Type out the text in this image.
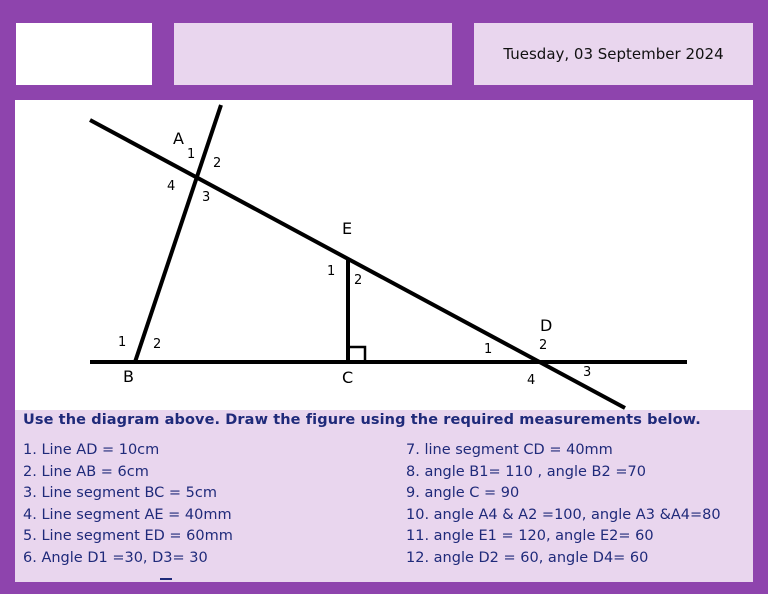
Tuesday, 03 September 2024
A
B	C
D
E
1
2
4
3
1 2
1
2
1	2
3
4
Use the diagram above. Draw the figure using the required measurements below.
1. Line AD = 10cm
2. Line AB = 6cm
3. Line segment BC = 5cm
4. Line segment AE = 40mm
5. Line segment ED = 60mm
6. Angle D1 =30, D3= 30
7. line segment CD = 40mm
8. angle B1= 110 , angle B2 =70
9. angle C = 90
10. angle A4 & A2 =100, angle A3 &A4=80
11. angle E1 = 120, angle E2= 60
12. angle D2 = 60, angle D4= 60
